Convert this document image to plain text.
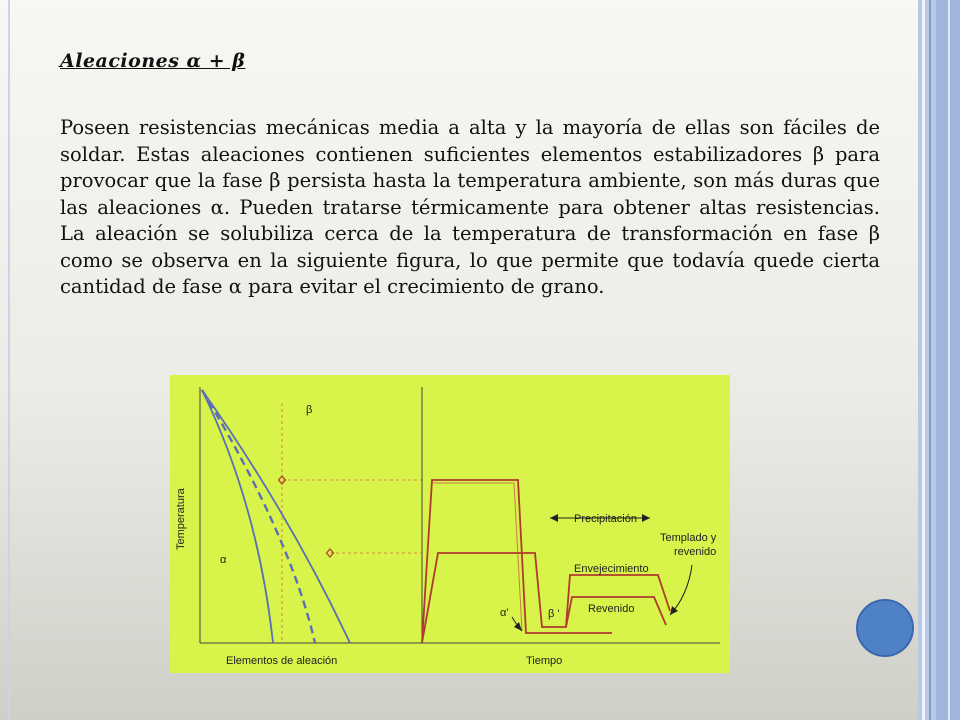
Aleaciones α + β
Poseen resistencias mecánicas media a alta y la mayoría de ellas son fáciles de soldar. Estas aleaciones contienen suficientes elementos estabilizadores β para provocar que la fase β persista hasta la temperatura ambiente, son más duras que las aleaciones α. Pueden tratarse térmicamente para obtener altas resistencias. La aleación se solubiliza cerca de la temperatura de transformación en fase β como se observa en la siguiente figura, lo que permite que todavía quede cierta cantidad de fase α para evitar el crecimiento de grano.
β
α
Temperatura
Elementos de aleación
Precipitación
Templado y
revenido
Envejecimiento
Revenido
α'	β '
Tiempo
